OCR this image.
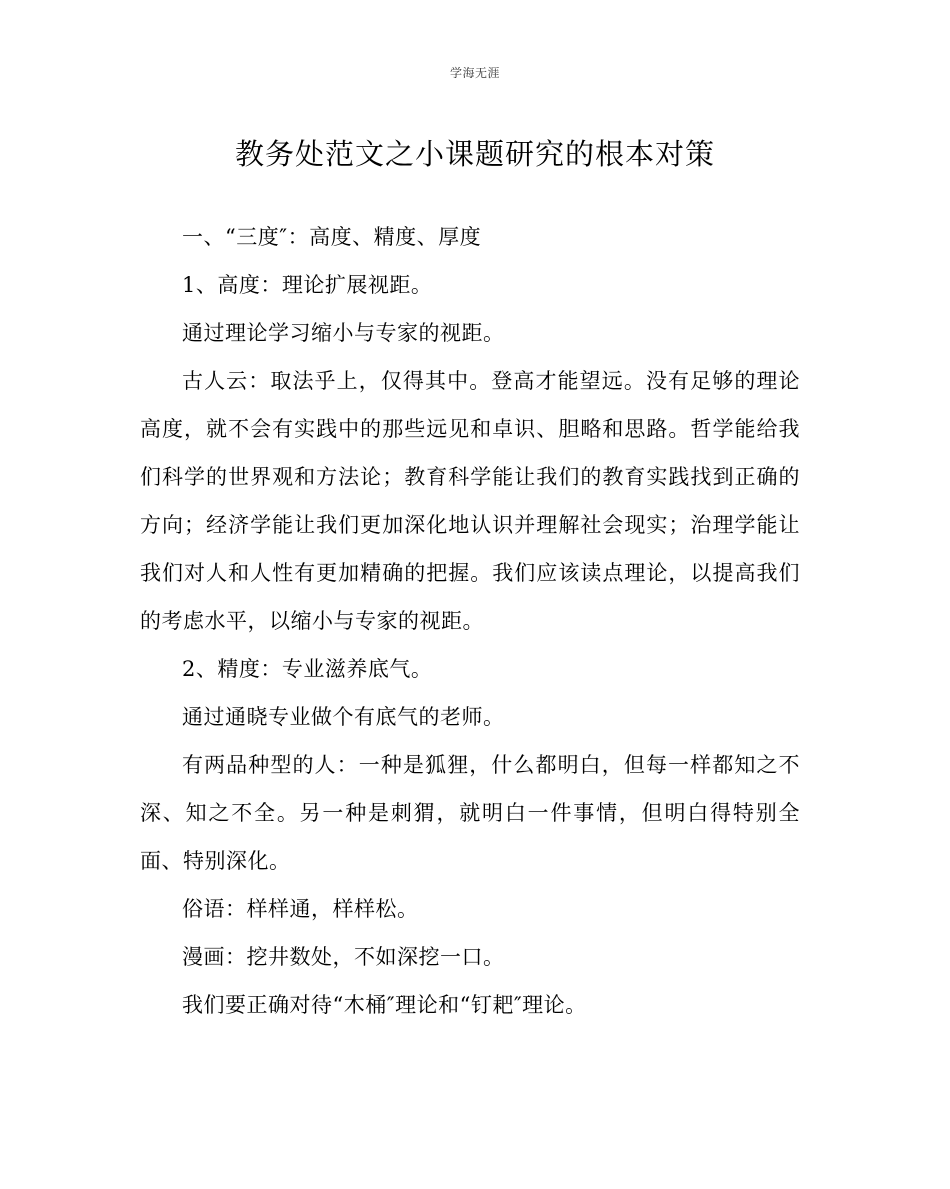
学海无涯
教务处范文之小课题研究的根本对策

一、“三度″：高度、精度、厚度

1、高度：理论扩展视距。

通过理论学习缩小与专家的视距。

古人云：取法乎上，仅得其中。登高才能望远。没有足够的理论高度，就不会有实践中的那些远见和卓识、胆略和思路。哲学能给我们科学的世界观和方法论；教育科学能让我们的教育实践找到正确的方向；经济学能让我们更加深化地认识并理解社会现实；治理学能让我们对人和人性有更加精确的把握。我们应该读点理论，以提高我们的考虑水平，以缩小与专家的视距。

2、精度：专业滋养底气。

通过通晓专业做个有底气的老师。

有两品种型的人：一种是狐狸，什么都明白，但每一样都知之不深、知之不全。另一种是刺猬，就明白一件事情，但明白得特别全面、特别深化。

俗语：样样通，样样松。

漫画：挖井数处，不如深挖一口。

我们要正确对待“木桶″理论和“钉耙″理论。
